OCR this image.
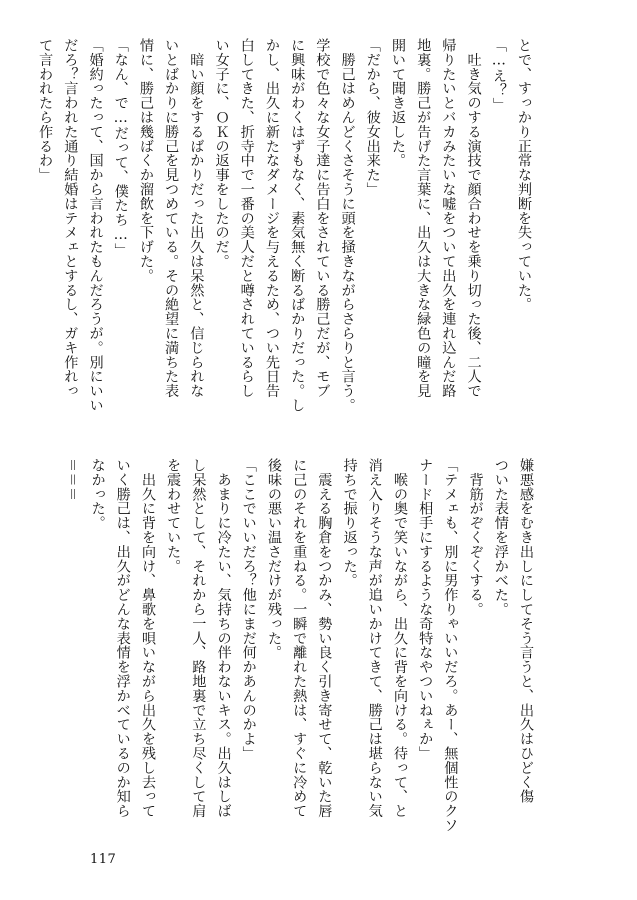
とで、すっかり正常な判断を失っていた。
「…え？」
　吐き気のする演技で顔合わせを乗り切った後、二人で
帰りたいとバカみたいな嘘をついて出久を連れ込んだ路
地裏。勝己が告げた言葉に、出久は大きな緑色の瞳を見
開いて聞き返した。
「だから、彼女出来た」
　勝己はめんどくさそうに頭を掻きながらさらりと言う。
学校で色々な女子達に告白をされている勝己だが、モブ
に興味がわくはずもなく、素気無く断るばかりだった。し
かし、出久に新たなダメージを与えるため、つい先日告
白してきた、折寺中で一番の美人だと噂されているらし
い女子に、ＯＫの返事をしたのだ。
　暗い顔をするばかりだった出久は呆然と、信じられな
いとばかりに勝己を見つめている。その絶望に満ちた表
情に、勝己は幾ばくか溜飲を下げた。
「なん、で…だって、僕たち…」
「婚約ったって、国から言われたもんだろうが。別にいい
だろ？言われた通り結婚はテメェとするし、ガキ作れっ
て言われたら作るわ」
嫌悪感をむき出しにしてそう言うと、出久はひどく傷
ついた表情を浮かべた。
　背筋がぞくぞくする。
「テメェも、別に男作りゃいいだろ。あー、無個性のクソ
ナード相手にするような奇特なやついねぇか」
　喉の奥で笑いながら、出久に背を向ける。待って、と
消え入りそうな声が追いかけてきて、勝己は堪らない気
持ちで振り返った。
　震える胸倉をつかみ、勢い良く引き寄せて、乾いた唇
に己のそれを重ねる。一瞬で離れた熱は、すぐに冷めて
後味の悪い温さだけが残った。
「ここでいいだろ？他にまだ何かあんのかよ」
　あまりに冷たい、気持ちの伴わないキス。出久はしば
し呆然として、それから一人、路地裏で立ち尽くして肩
を震わせていた。
　出久に背を向け、鼻歌を唄いながら出久を残し去って
いく勝己は、出久がどんな表情を浮かべているのか知ら
なかった。
＝＝＝
117
